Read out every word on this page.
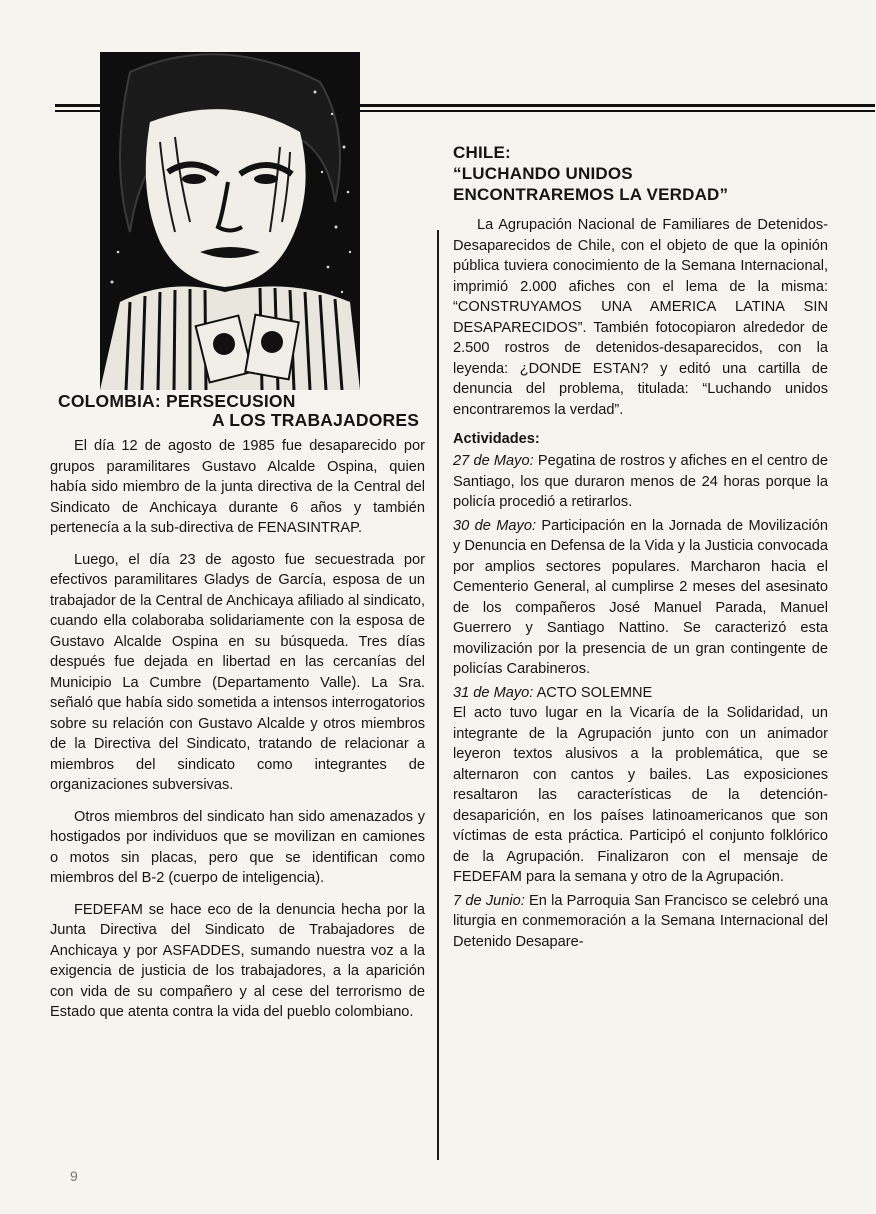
COLOMBIA: PERSECUSION
A LOS TRABAJADORES

El día 12 de agosto de 1985 fue desaparecido por grupos paramilitares Gustavo Alcalde Ospina, quien había sido miembro de la junta directiva de la Central del Sindicato de Anchicaya durante 6 años y también pertenecía a la sub-directiva de FENASINTRAP.

Luego, el día 23 de agosto fue secuestrada por efectivos paramilitares Gladys de García, esposa de un trabajador de la Central de Anchicaya afiliado al sindicato, cuando ella colaboraba solidariamente con la esposa de Gustavo Alcalde Ospina en su búsqueda. Tres días después fue dejada en libertad en las cercanías del Municipio La Cumbre (Departamento Valle). La Sra. señaló que había sido sometida a intensos interrogatorios sobre su relación con Gustavo Alcalde y otros miembros de la Directiva del Sindicato, tratando de relacionar a miembros del sindicato como integrantes de organizaciones subversivas.

Otros miembros del sindicato han sido amenazados y hostigados por individuos que se movilizan en camiones o motos sin placas, pero que se identifican como miembros del B-2 (cuerpo de inteligencia).

FEDEFAM se hace eco de la denuncia hecha por la Junta Directiva del Sindicato de Trabajadores de Anchicaya y por ASFADDES, sumando nuestra voz a la exigencia de justicia de los trabajadores, a la aparición con vida de su compañero y al cese del terrorismo de Estado que atenta contra la vida del pueblo colombiano.

CHILE:
“LUCHANDO UNIDOS
ENCONTRAREMOS LA VERDAD”

La Agrupación Nacional de Familiares de Detenidos-Desaparecidos de Chile, con el objeto de que la opinión pública tuviera conocimiento de la Semana Internacional, imprimió 2.000 afiches con el lema de la misma: “CONSTRUYAMOS UNA AMERICA LATINA SIN DESAPARECIDOS”. También fotocopiaron alrededor de 2.500 rostros de detenidos-desaparecidos, con la leyenda: ¿DONDE ESTAN? y editó una cartilla de denuncia del problema, titulada: “Luchando unidos encontraremos la verdad”.

Actividades:

27 de Mayo: Pegatina de rostros y afiches en el centro de Santiago, los que duraron menos de 24 horas porque la policía procedió a retirarlos.

30 de Mayo: Participación en la Jornada de Movilización y Denuncia en Defensa de la Vida y la Justicia convocada por amplios sectores populares. Marcharon hacia el Cementerio General, al cumplirse 2 meses del asesinato de los compañeros José Manuel Parada, Manuel Guerrero y Santiago Nattino. Se caracterizó esta movilización por la presencia de un gran contingente de policías Carabineros.

31 de Mayo: ACTO SOLEMNE

El acto tuvo lugar en la Vicaría de la Solidaridad, un integrante de la Agrupación junto con un animador leyeron textos alusivos a la problemática, que se alternaron con cantos y bailes. Las exposiciones resaltaron las características de la detención-desaparición, en los países latinoamericanos que son víctimas de esta práctica. Participó el conjunto folklórico de la Agrupación. Finalizaron con el mensaje de FEDEFAM para la semana y otro de la Agrupación.

7 de Junio: En la Parroquia San Francisco se celebró una liturgia en conmemoración a la Semana Internacional del Detenido Desapare-

9
